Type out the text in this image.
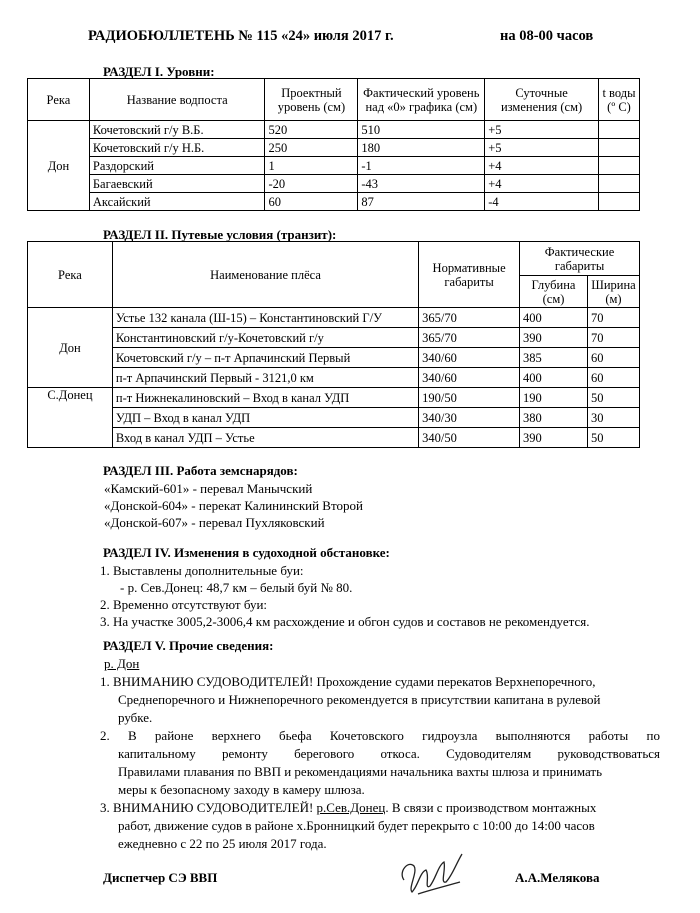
РАДИОБЮЛЛЕТЕНЬ № 115 «24» июля 2017 г.	на 08-00 часов
РАЗДЕЛ I. Уровни:
Река	Название водпоста	Проектный уровень (см)	Фактический уровень над «0» графика (см)	Суточные изменения (см)	t воды (º С)
Дон	Кочетовский г/у В.Б.	520	510	+5	
	Кочетовский г/у Н.Б.	250	180	+5	
	Раздорский	1	-1	+4	
	Багаевский	-20	-43	+4	
	Аксайский	60	87	-4	
РАЗДЕЛ II. Путевые условия (транзит):
Река	Наименование плёса	Нормативные габариты	Фактические габариты	
			Глубина (см)	Ширина (м)
Дон	Устье 132 канала (Ш-15) – Константиновский Г/У	365/70	400	70
	Константиновский г/у-Кочетовский г/у	365/70	390	70
	Кочетовский г/у – п-т Арпачинский Первый	340/60	385	60
	п-т Арпачинский Первый - 3121,0 км	340/60	400	60
С.Донец	п-т Нижнекалиновский – Вход в канал УДП	190/50	190	50
	УДП – Вход в канал УДП	340/30	380	30
	Вход в канал УДП – Устье	340/50	390	50
РАЗДЕЛ III. Работа земснарядов:
«Камский-601» - перевал Манычский
«Донской-604» - перекат Калининский Второй
«Донской-607» - перевал Пухляковский
РАЗДЕЛ IV. Изменения в судоходной обстановке:
1. Выставлены дополнительные буи:
- р. Сев.Донец: 48,7 км – белый буй № 80.
2. Временно отсутствуют буи:
3. На участке 3005,2-3006,4 км расхождение и обгон судов и составов не рекомендуется.
РАЗДЕЛ V. Прочие сведения:
р. Дон
1. ВНИМАНИЮ СУДОВОДИТЕЛЕЙ! Прохождение судами перекатов Верхнепоречного,
Среднепоречного и Нижнепоречного рекомендуется в присутствии капитана в рулевой
рубке.
2. В районе верхнего бьефа Кочетовского гидроузла выполняются работы по
капитальному ремонту берегового откоса. Судоводителям руководствоваться
Правилами плавания по ВВП и рекомендациями начальника вахты шлюза и принимать
меры к безопасному заходу в камеру шлюза.
3. ВНИМАНИЮ СУДОВОДИТЕЛЕЙ! р.Сев.Донец. В связи с производством монтажных
работ, движение судов в районе х.Бронницкий будет перекрыто с 10:00 до 14:00 часов
ежедневно с 22 по 25 июля 2017 года.
Диспетчер СЭ ВВП	А.А.Мелякова
